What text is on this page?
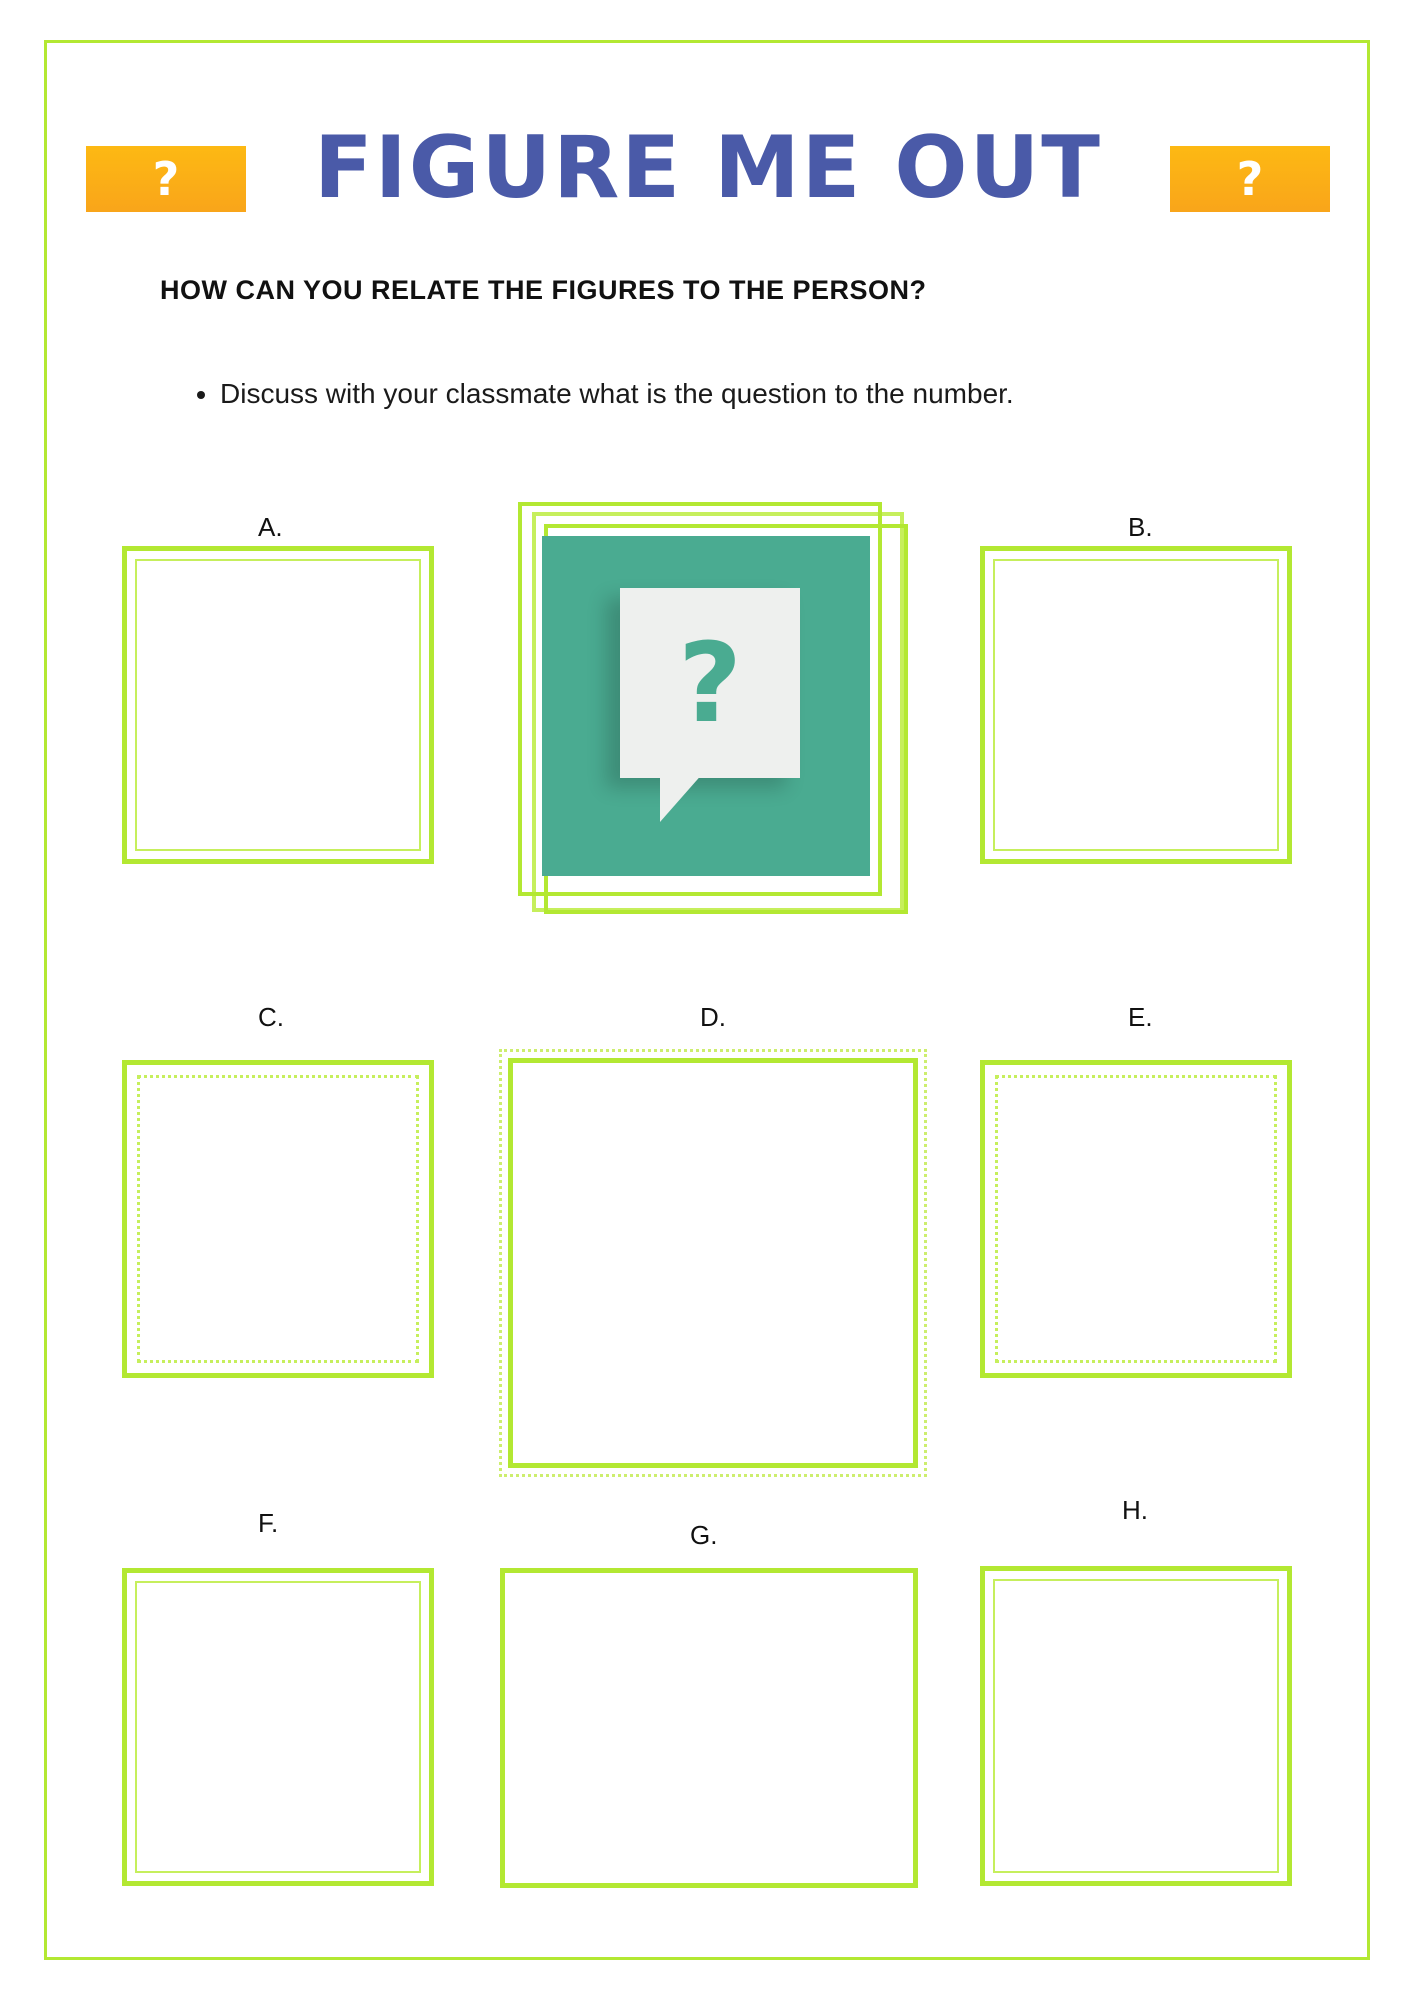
?	?
FIGURE ME OUT
HOW CAN YOU RELATE THE FIGURES TO THE PERSON?
• Discuss with your classmate what is the question to the number.
A.
?
B.
C.	D.	E.
F.	G.
H.
